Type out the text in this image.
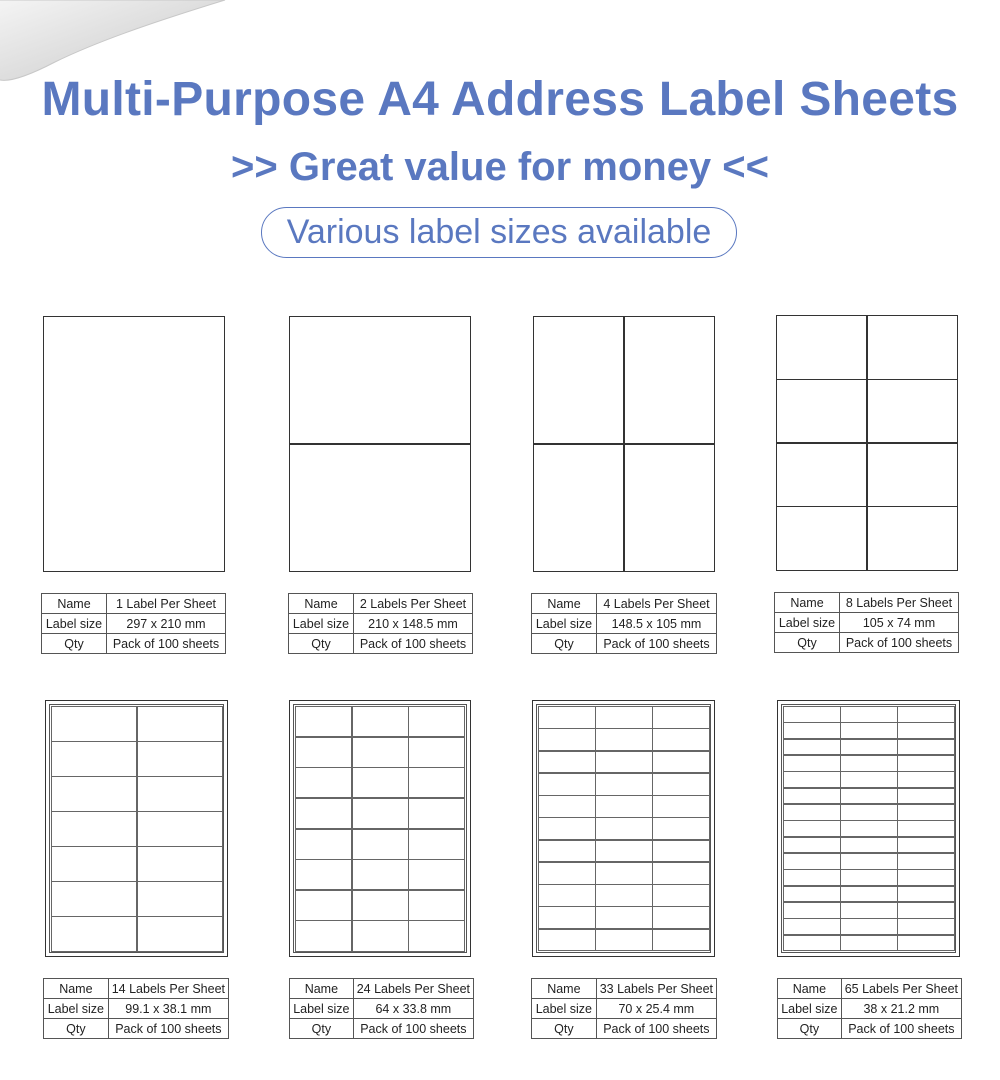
Multi-Purpose A4 Address Label Sheets
>> Great value for money <<
Various label sizes available
Name	1 Label Per Sheet
Label size	297 x 210 mm
Qty	Pack of 100 sheets
Name	2 Labels Per Sheet
Label size	210 x 148.5 mm
Qty	Pack of 100 sheets
Name	4 Labels Per Sheet
Label size	148.5 x 105 mm
Qty	Pack of 100 sheets
Name	8 Labels Per Sheet
Label size	105 x 74 mm
Qty	Pack of 100 sheets
Name	14 Labels Per Sheet
Label size	99.1 x 38.1 mm
Qty	Pack of 100 sheets
Name	24 Labels Per Sheet
Label size	64 x 33.8 mm
Qty	Pack of 100 sheets
Name	33 Labels Per Sheet
Label size	70 x 25.4 mm
Qty	Pack of 100 sheets
Name	65 Labels Per Sheet
Label size	38 x 21.2 mm
Qty	Pack of 100 sheets
